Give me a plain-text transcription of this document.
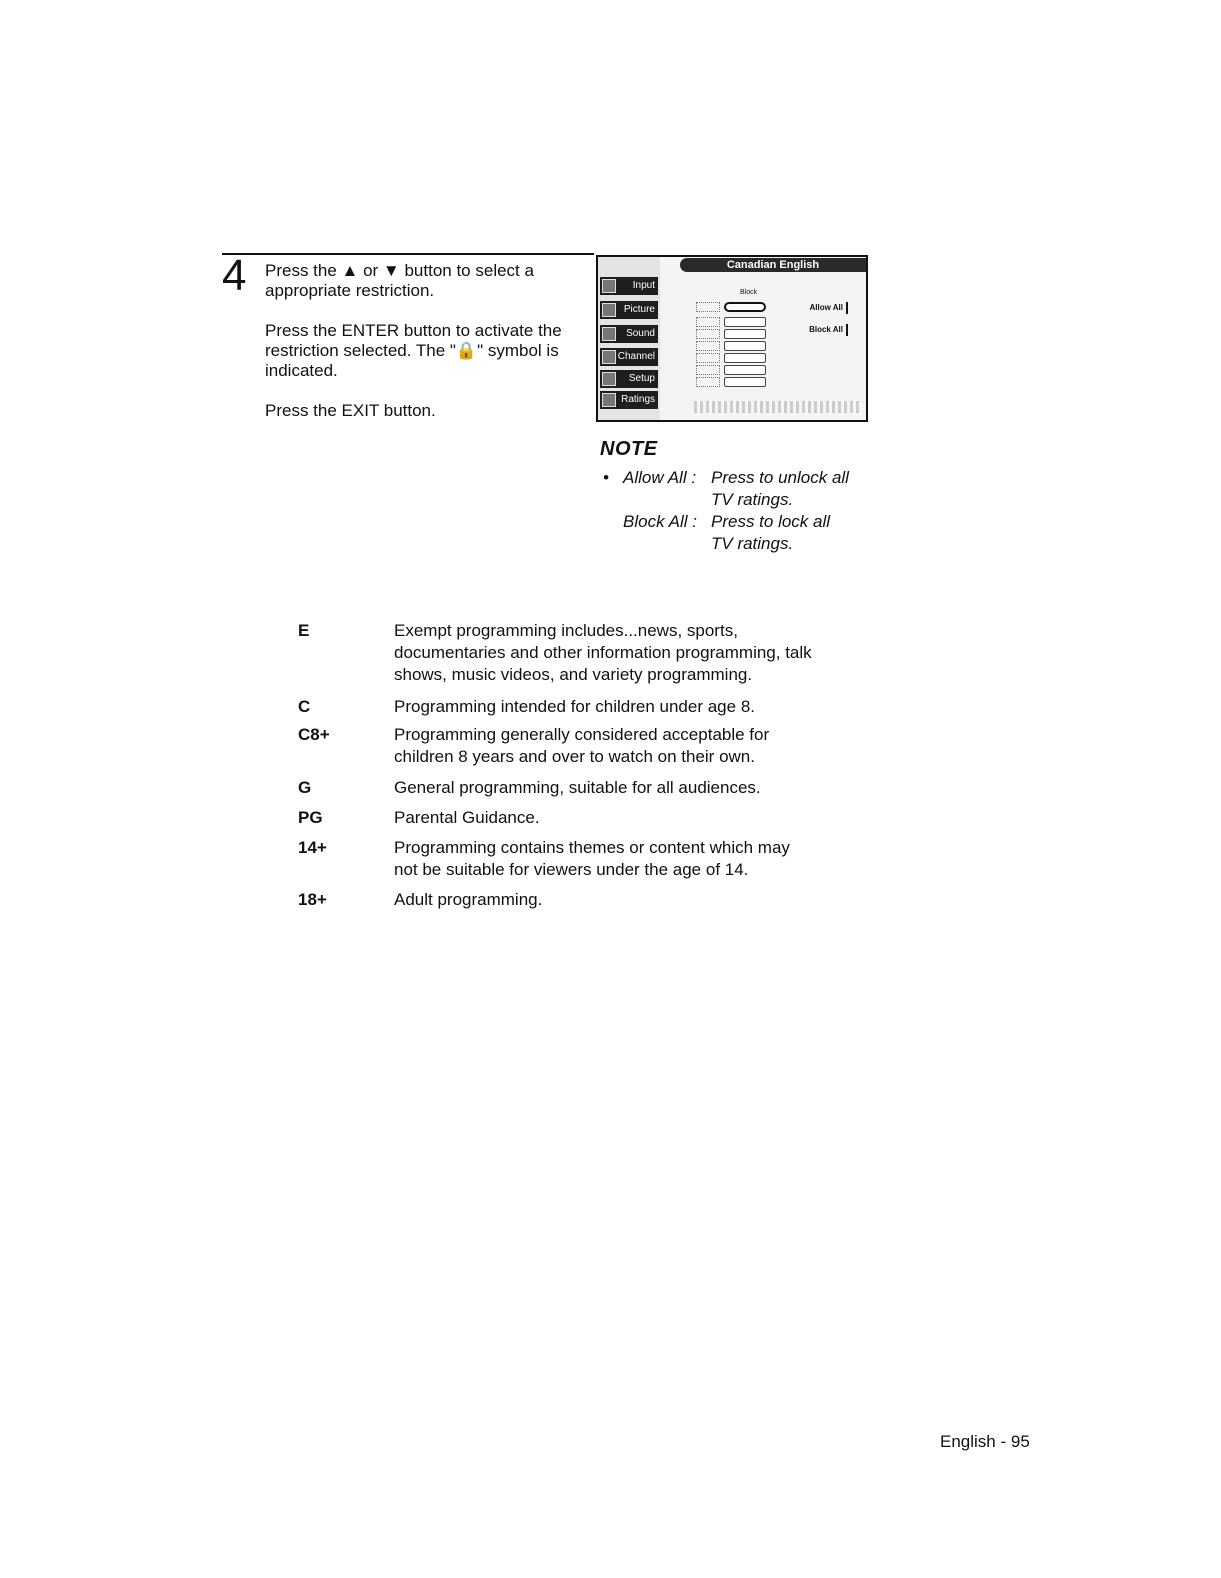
4 Press the ▲ or ▼ button to select a appropriate restriction.
Press the ENTER button to activate the restriction selected. The "🔒" symbol is indicated.
Press the EXIT button.
Input
Picture
Sound
Channel
Setup
Ratings
Canadian English
Block
Allow All
Block All
NOTE
• Allow All : Press to unlock all TV ratings.
Block All : Press to lock all TV ratings.
E	Exempt programming includes...news, sports, documentaries and other information programming, talk shows, music videos, and variety programming.
C	Programming intended for children under age 8.
C8+	Programming generally considered acceptable for children 8 years and over to watch on their own.
G	General programming, suitable for all audiences.
PG	Parental Guidance.
14+	Programming contains themes or content which may not be suitable for viewers under the age of 14.
18+	Adult programming.
English - 95
